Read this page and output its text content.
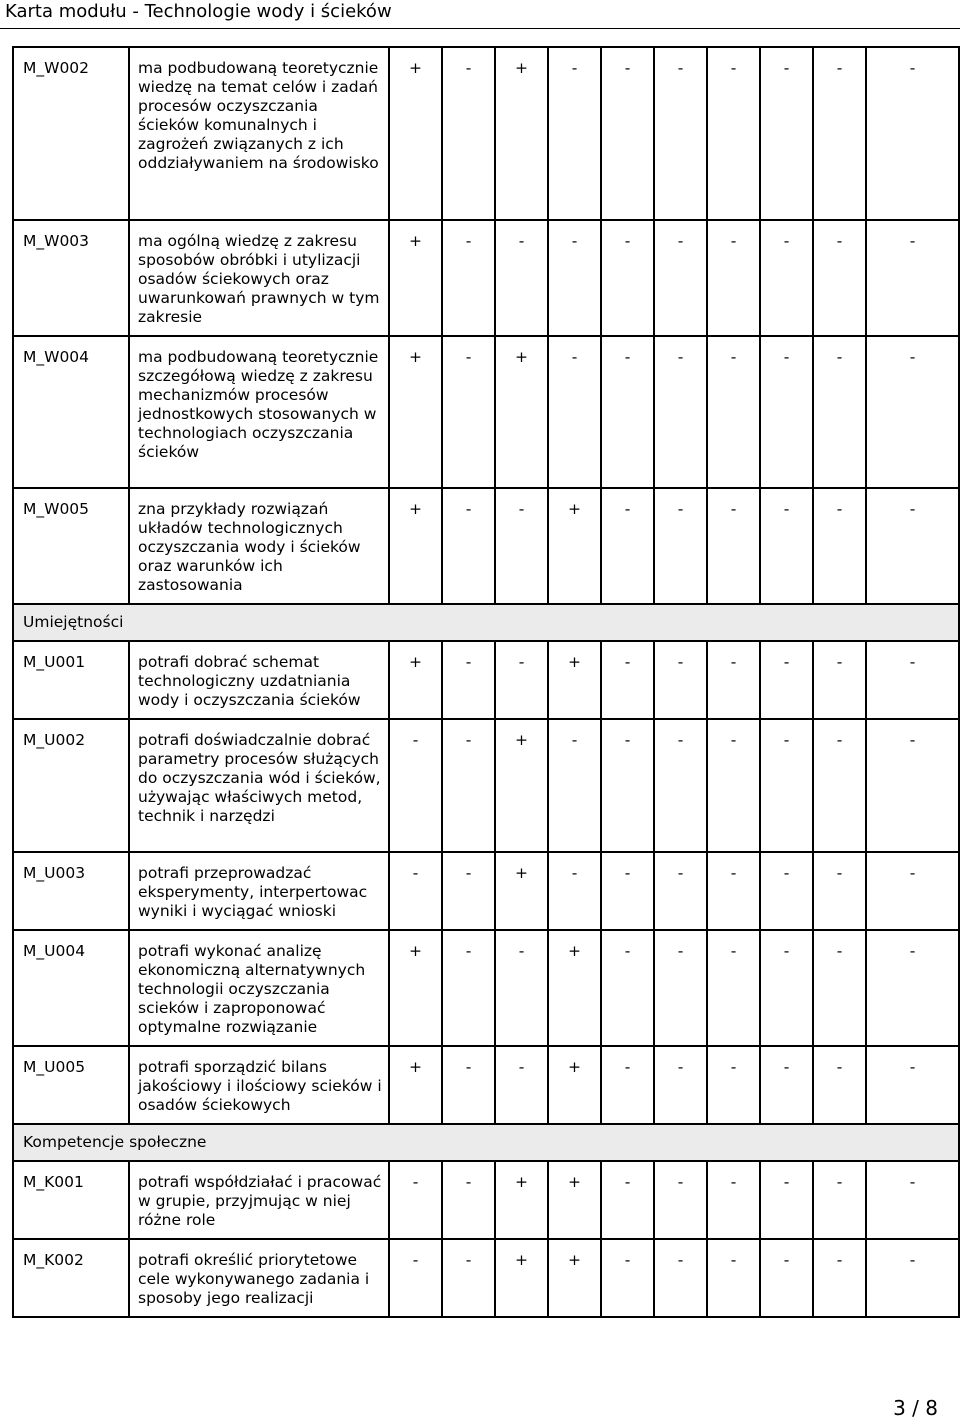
Karta modułu - Technologie wody i ścieków
M_W002	ma podbudowaną teoretycznie wiedzę na temat celów i zadań procesów oczyszczania ścieków komunalnych i zagrożeń związanych z ich oddziaływaniem na środowisko	+	-	+	-	-	-	-	-	-	-
M_W003	ma ogólną wiedzę z zakresu sposobów obróbki i utylizacji osadów ściekowych oraz uwarunkowań prawnych w tym zakresie	+	-	-	-	-	-	-	-	-	-
M_W004	ma podbudowaną teoretycznie szczegółową wiedzę z zakresu mechanizmów procesów jednostkowych stosowanych w technologiach oczyszczania ścieków	+	-	+	-	-	-	-	-	-	-
M_W005	zna przykłady rozwiązań układów technologicznych oczyszczania wody i ścieków oraz warunków ich zastosowania	+	-	-	+	-	-	-	-	-	-
Umiejętności											
M_U001	potrafi dobrać schemat technologiczny uzdatniania wody i oczyszczania ścieków	+	-	-	+	-	-	-	-	-	-
M_U002	potrafi doświadczalnie dobrać parametry procesów służących do oczyszczania wód i ścieków, używając właściwych metod, technik i narzędzi	-	-	+	-	-	-	-	-	-	-
M_U003	potrafi przeprowadzać eksperymenty, interpertowac wyniki i wyciągać wnioski	-	-	+	-	-	-	-	-	-	-
M_U004	potrafi wykonać analizę ekonomiczną alternatywnych technologii oczyszczania scieków i zaproponować optymalne rozwiązanie	+	-	-	+	-	-	-	-	-	-
M_U005	potrafi sporządzić bilans jakościowy i ilościowy scieków i osadów ściekowych	+	-	-	+	-	-	-	-	-	-
Kompetencje społeczne											
M_K001	potrafi współdziałać i pracować w grupie, przyjmując w niej różne role	-	-	+	+	-	-	-	-	-	-
M_K002	potrafi określić priorytetowe cele wykonywanego zadania i sposoby jego realizacji	-	-	+	+	-	-	-	-	-	-
3 / 8
